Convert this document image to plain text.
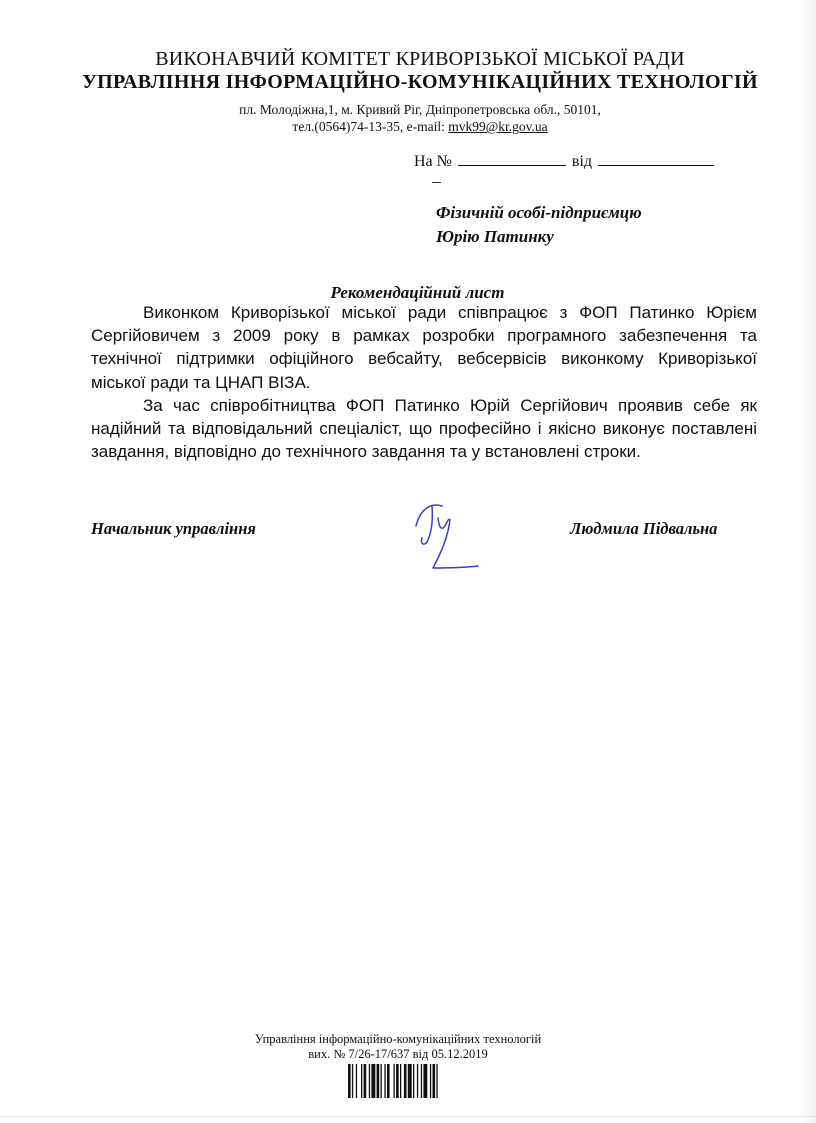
ВИКОНАВЧИЙ КОМІТЕТ КРИВОРІЗЬКОЇ МІСЬКОЇ РАДИ
УПРАВЛІННЯ ІНФОРМАЦІЙНО-КОМУНІКАЦІЙНИХ ТЕХНОЛОГІЙ
пл. Молодіжна,1, м. Кривий Ріг, Дніпропетровська обл., 50101,
тел.(0564)74-13-35, e-mail: mvk99@kr.gov.ua
На №	від
Фізичній особі-підприємцю
Юрію Патинку
Рекомендаційний лист

Виконком Криворізької міської ради співпрацює з ФОП Патинко Юрієм Сергійовичем з 2009 року в рамках розробки програмного забезпечення та технічної підтримки офіційного вебсайту, вебсервісів виконкому Криворізької міської ради та ЦНАП ВІЗА.

За час співробітництва ФОП Патинко Юрій Сергійович проявив себе як надійний та відповідальний спеціаліст, що професійно і якісно виконує поставлені завдання, відповідно до технічного завдання та у встановлені строки.

Начальник управління	Людмила Підвальна
Управління інформаційно-комунікаційних технологій
вих. № 7/26-17/637 від 05.12.2019
